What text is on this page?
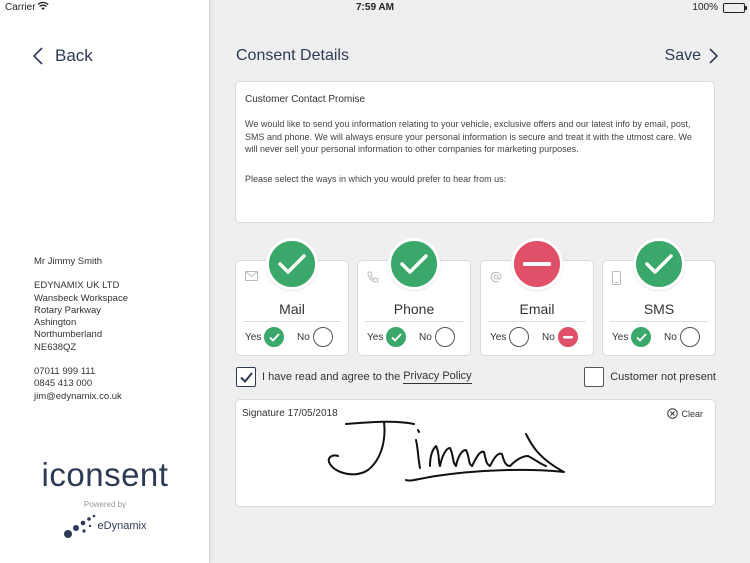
Carrier	7:59 AM	100%
Back
Mr Jimmy Smith
EDYNAMIX UK LTD
Wansbeck Workspace
Rotary Parkway
Ashington
Northumberland
NE638QZ
07011 999 111
0845 413 000
jim@edynamix.co.uk
iconsent
Powered by
eDynamix
Consent Details	Save
Customer Contact Promise
We would like to send you information relating to your vehicle, exclusive offers and our latest info by email, post, SMS and phone. We will always ensure your personal information is secure and treat it with the utmost care. We will never sell your personal information to other companies for marketing purposes.
Please select the ways in which you would prefer to hear from us:
Mail
Yes	No
Phone
Yes	No
Email
Yes	No
SMS
Yes	No
I have read and agree to the Privacy Policy	Customer not present
Signature 17/05/2018	Clear
